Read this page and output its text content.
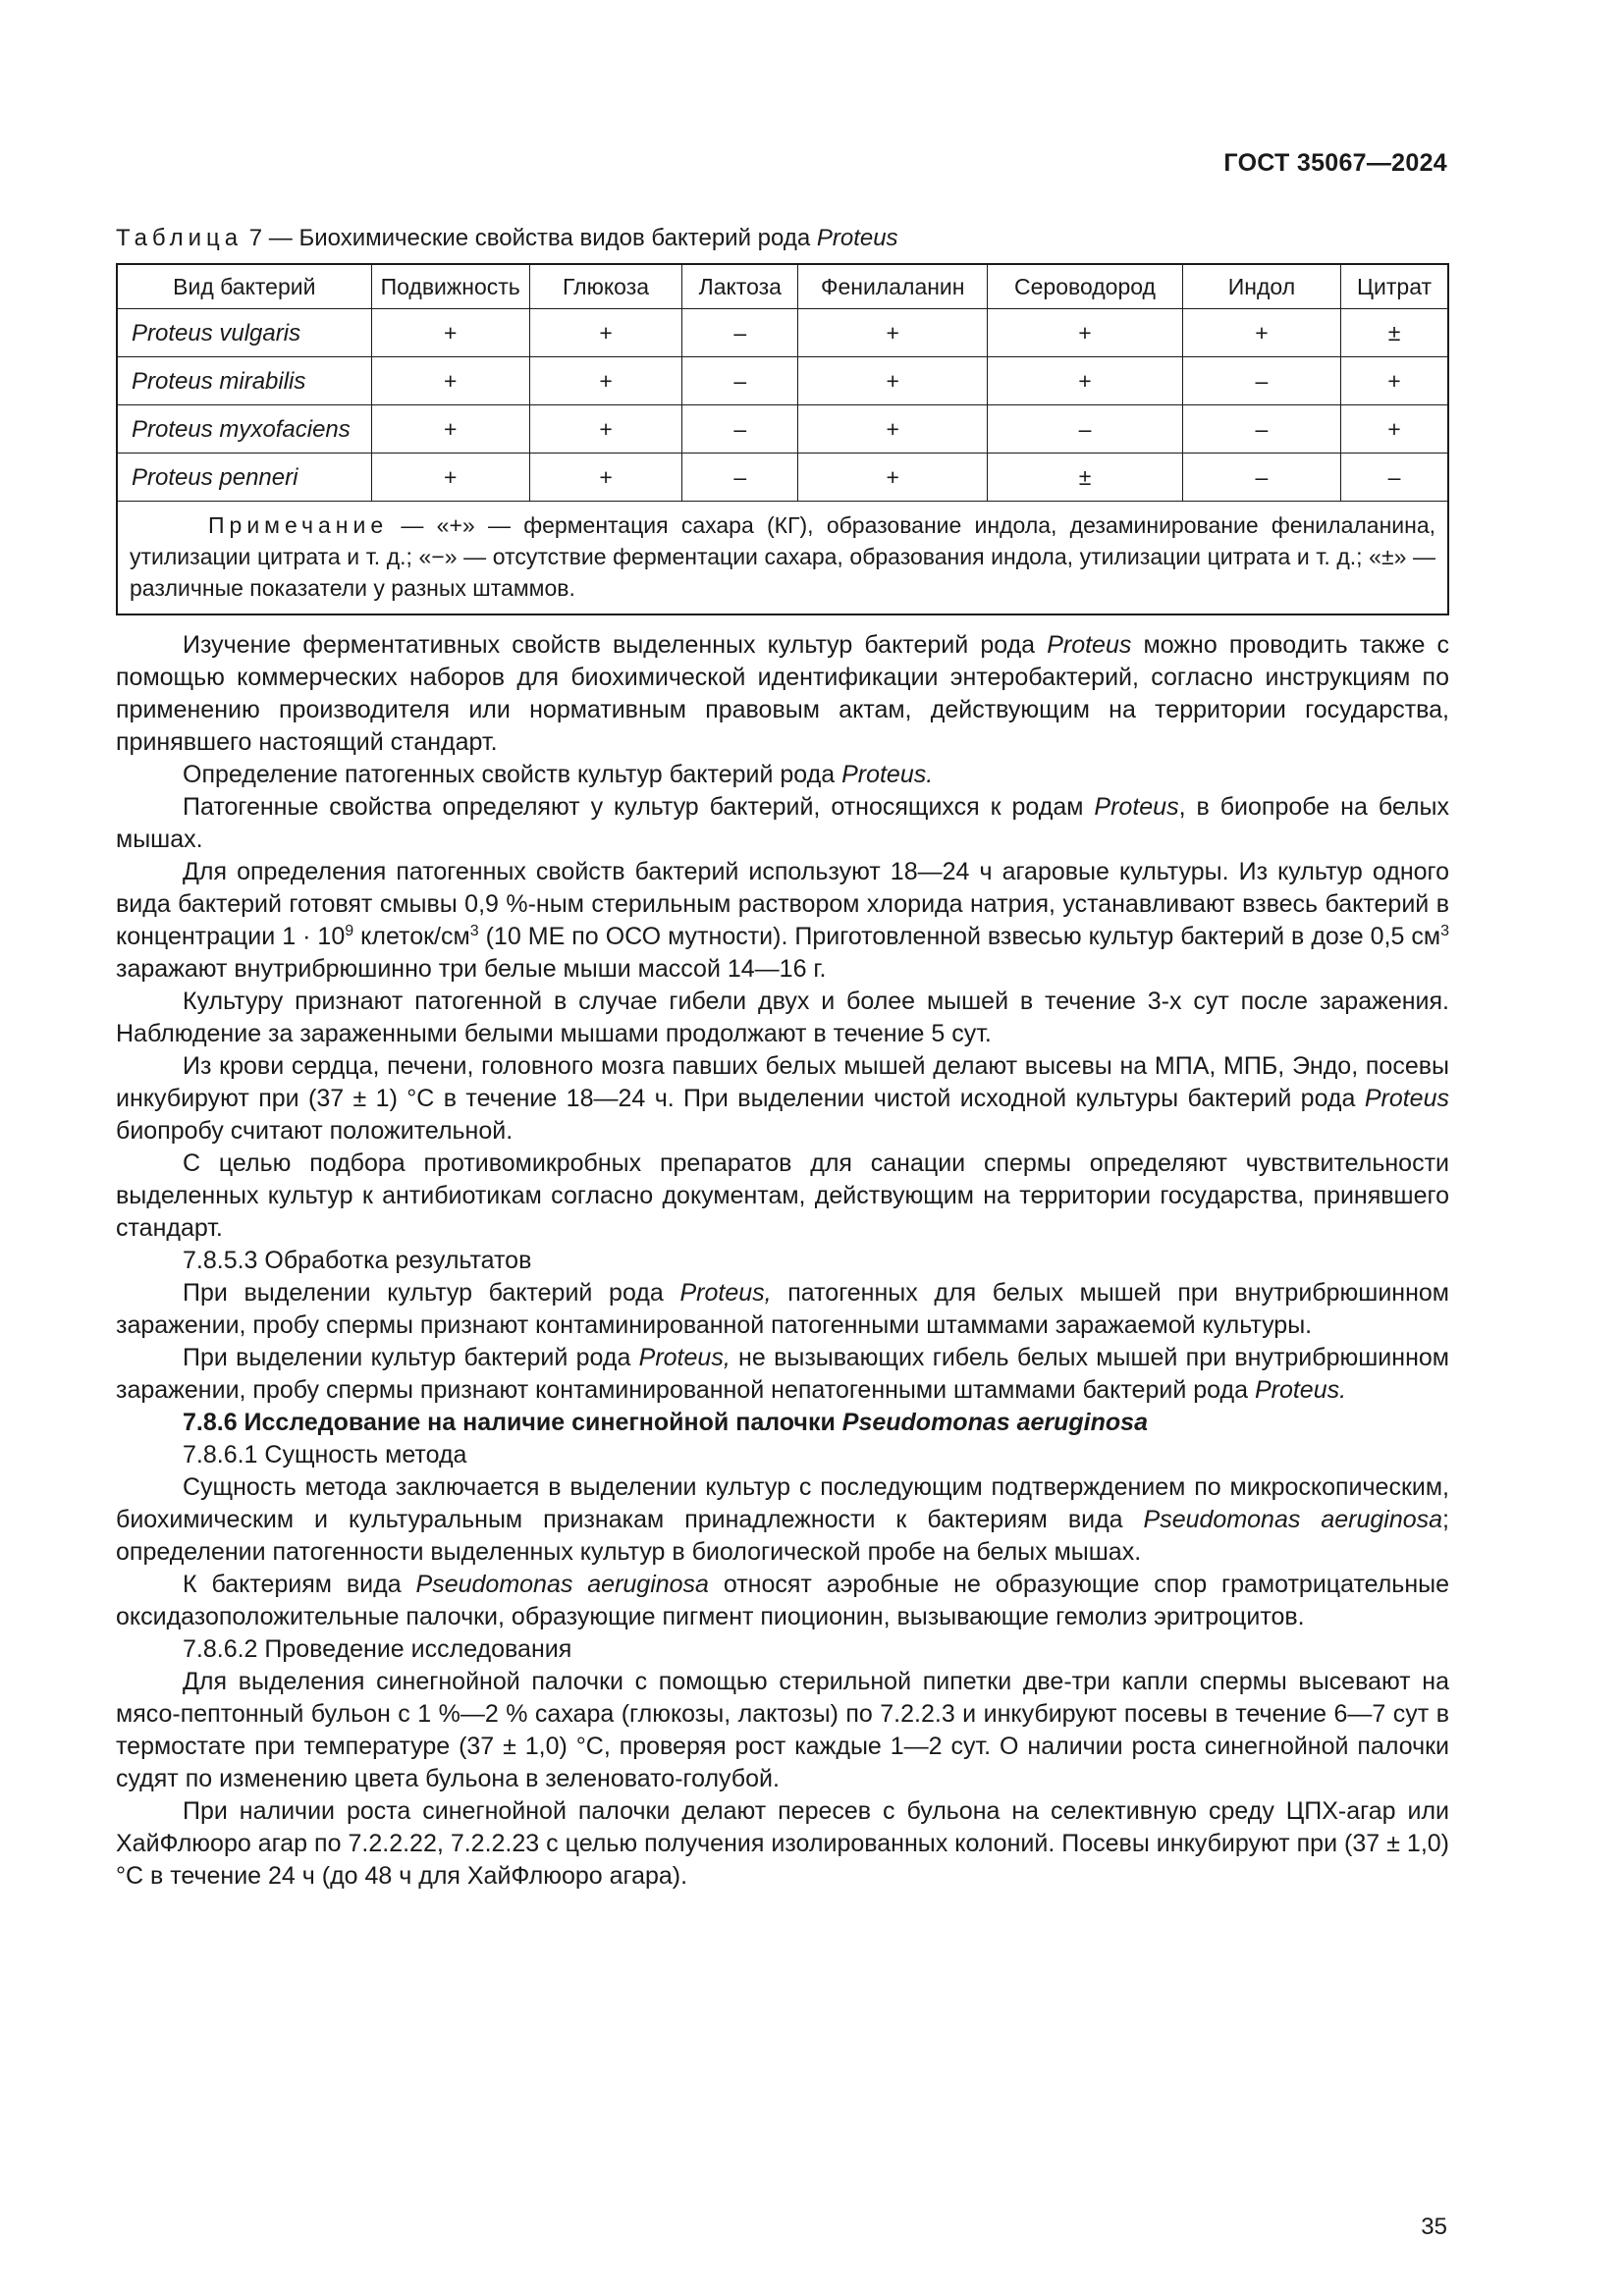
ГОСТ 35067—2024
Таблица 7 — Биохимические свойства видов бактерий рода Proteus
Вид бактерий	Подвижность	Глюкоза	Лактоза	Фенилаланин	Сероводород	Индол	Цитрат
Proteus vulgaris	+	+	–	+	+	+	±
Proteus mirabilis	+	+	–	+	+	–	+
Proteus myxofaciens	+	+	–	+	–	–	+
Proteus penneri	+	+	–	+	±	–	–
Примечание — «+» — ферментация сахара (КГ), образование индола, дезаминирование фенилаланина, утилизации цитрата и т. д.; «−» — отсутствие ферментации сахара, образования индола, утилизации цитрата и т. д.; «±» — различные показатели у разных штаммов.							

Изучение ферментативных свойств выделенных культур бактерий рода Proteus можно проводить также с помощью коммерческих наборов для биохимической идентификации энтеробактерий, согласно инструкциям по применению производителя или нормативным правовым актам, действующим на территории государства, принявшего настоящий стандарт.

Определение патогенных свойств культур бактерий рода Proteus.

Патогенные свойства определяют у культур бактерий, относящихся к родам Proteus, в биопробе на белых мышах.

Для определения патогенных свойств бактерий используют 18—24 ч агаровые культуры. Из культур одного вида бактерий готовят смывы 0,9 %-ным стерильным раствором хлорида натрия, устанавливают взвесь бактерий в концентрации $1 \cdot 10^9$ клеток/$см^3$ (10 МЕ по ОСО мутности). Приготовленной взвесью культур бактерий в дозе 0,5 $см^3$ заражают внутрибрюшинно три белые мыши массой 14—16 г.

Культуру признают патогенной в случае гибели двух и более мышей в течение 3-х сут после заражения. Наблюдение за зараженными белыми мышами продолжают в течение 5 сут.

Из крови сердца, печени, головного мозга павших белых мышей делают высевы на МПА, МПБ, Эндо, посевы инкубируют при (37 ± 1) °С в течение 18—24 ч. При выделении чистой исходной культуры бактерий рода Proteus биопробу считают положительной.

С целью подбора противомикробных препаратов для санации спермы определяют чувствительности выделенных культур к антибиотикам согласно документам, действующим на территории государства, принявшего стандарт.

7.8.5.3 Обработка результатов

При выделении культур бактерий рода Proteus, патогенных для белых мышей при внутрибрюшинном заражении, пробу спермы признают контаминированной патогенными штаммами заражаемой культуры.

При выделении культур бактерий рода Proteus, не вызывающих гибель белых мышей при внутрибрюшинном заражении, пробу спермы признают контаминированной непатогенными штаммами бактерий рода Proteus.

7.8.6 Исследование на наличие синегнойной палочки Pseudomonas aeruginosa

7.8.6.1 Сущность метода

Сущность метода заключается в выделении культур с последующим подтверждением по микроскопическим, биохимическим и культуральным признакам принадлежности к бактериям вида Pseudomonas aeruginosa; определении патогенности выделенных культур в биологической пробе на белых мышах.

К бактериям вида Pseudomonas aeruginosa относят аэробные не образующие спор грамотрицательные оксидазоположительные палочки, образующие пигмент пиоционин, вызывающие гемолиз эритроцитов.

7.8.6.2 Проведение исследования

Для выделения синегнойной палочки с помощью стерильной пипетки две-три капли спермы высевают на мясо-пептонный бульон с 1 %—2 % сахара (глюкозы, лактозы) по 7.2.2.3 и инкубируют посевы в течение 6—7 сут в термостате при температуре (37 ± 1,0) °С, проверяя рост каждые 1—2 сут. О наличии роста синегнойной палочки судят по изменению цвета бульона в зеленовато-голубой.

При наличии роста синегнойной палочки делают пересев с бульона на селективную среду ЦПХ-агар или ХайФлюоро агар по 7.2.2.22, 7.2.2.23 с целью получения изолированных колоний. Посевы инкубируют при (37 ± 1,0) °С в течение 24 ч (до 48 ч для ХайФлюоро агара).

35
